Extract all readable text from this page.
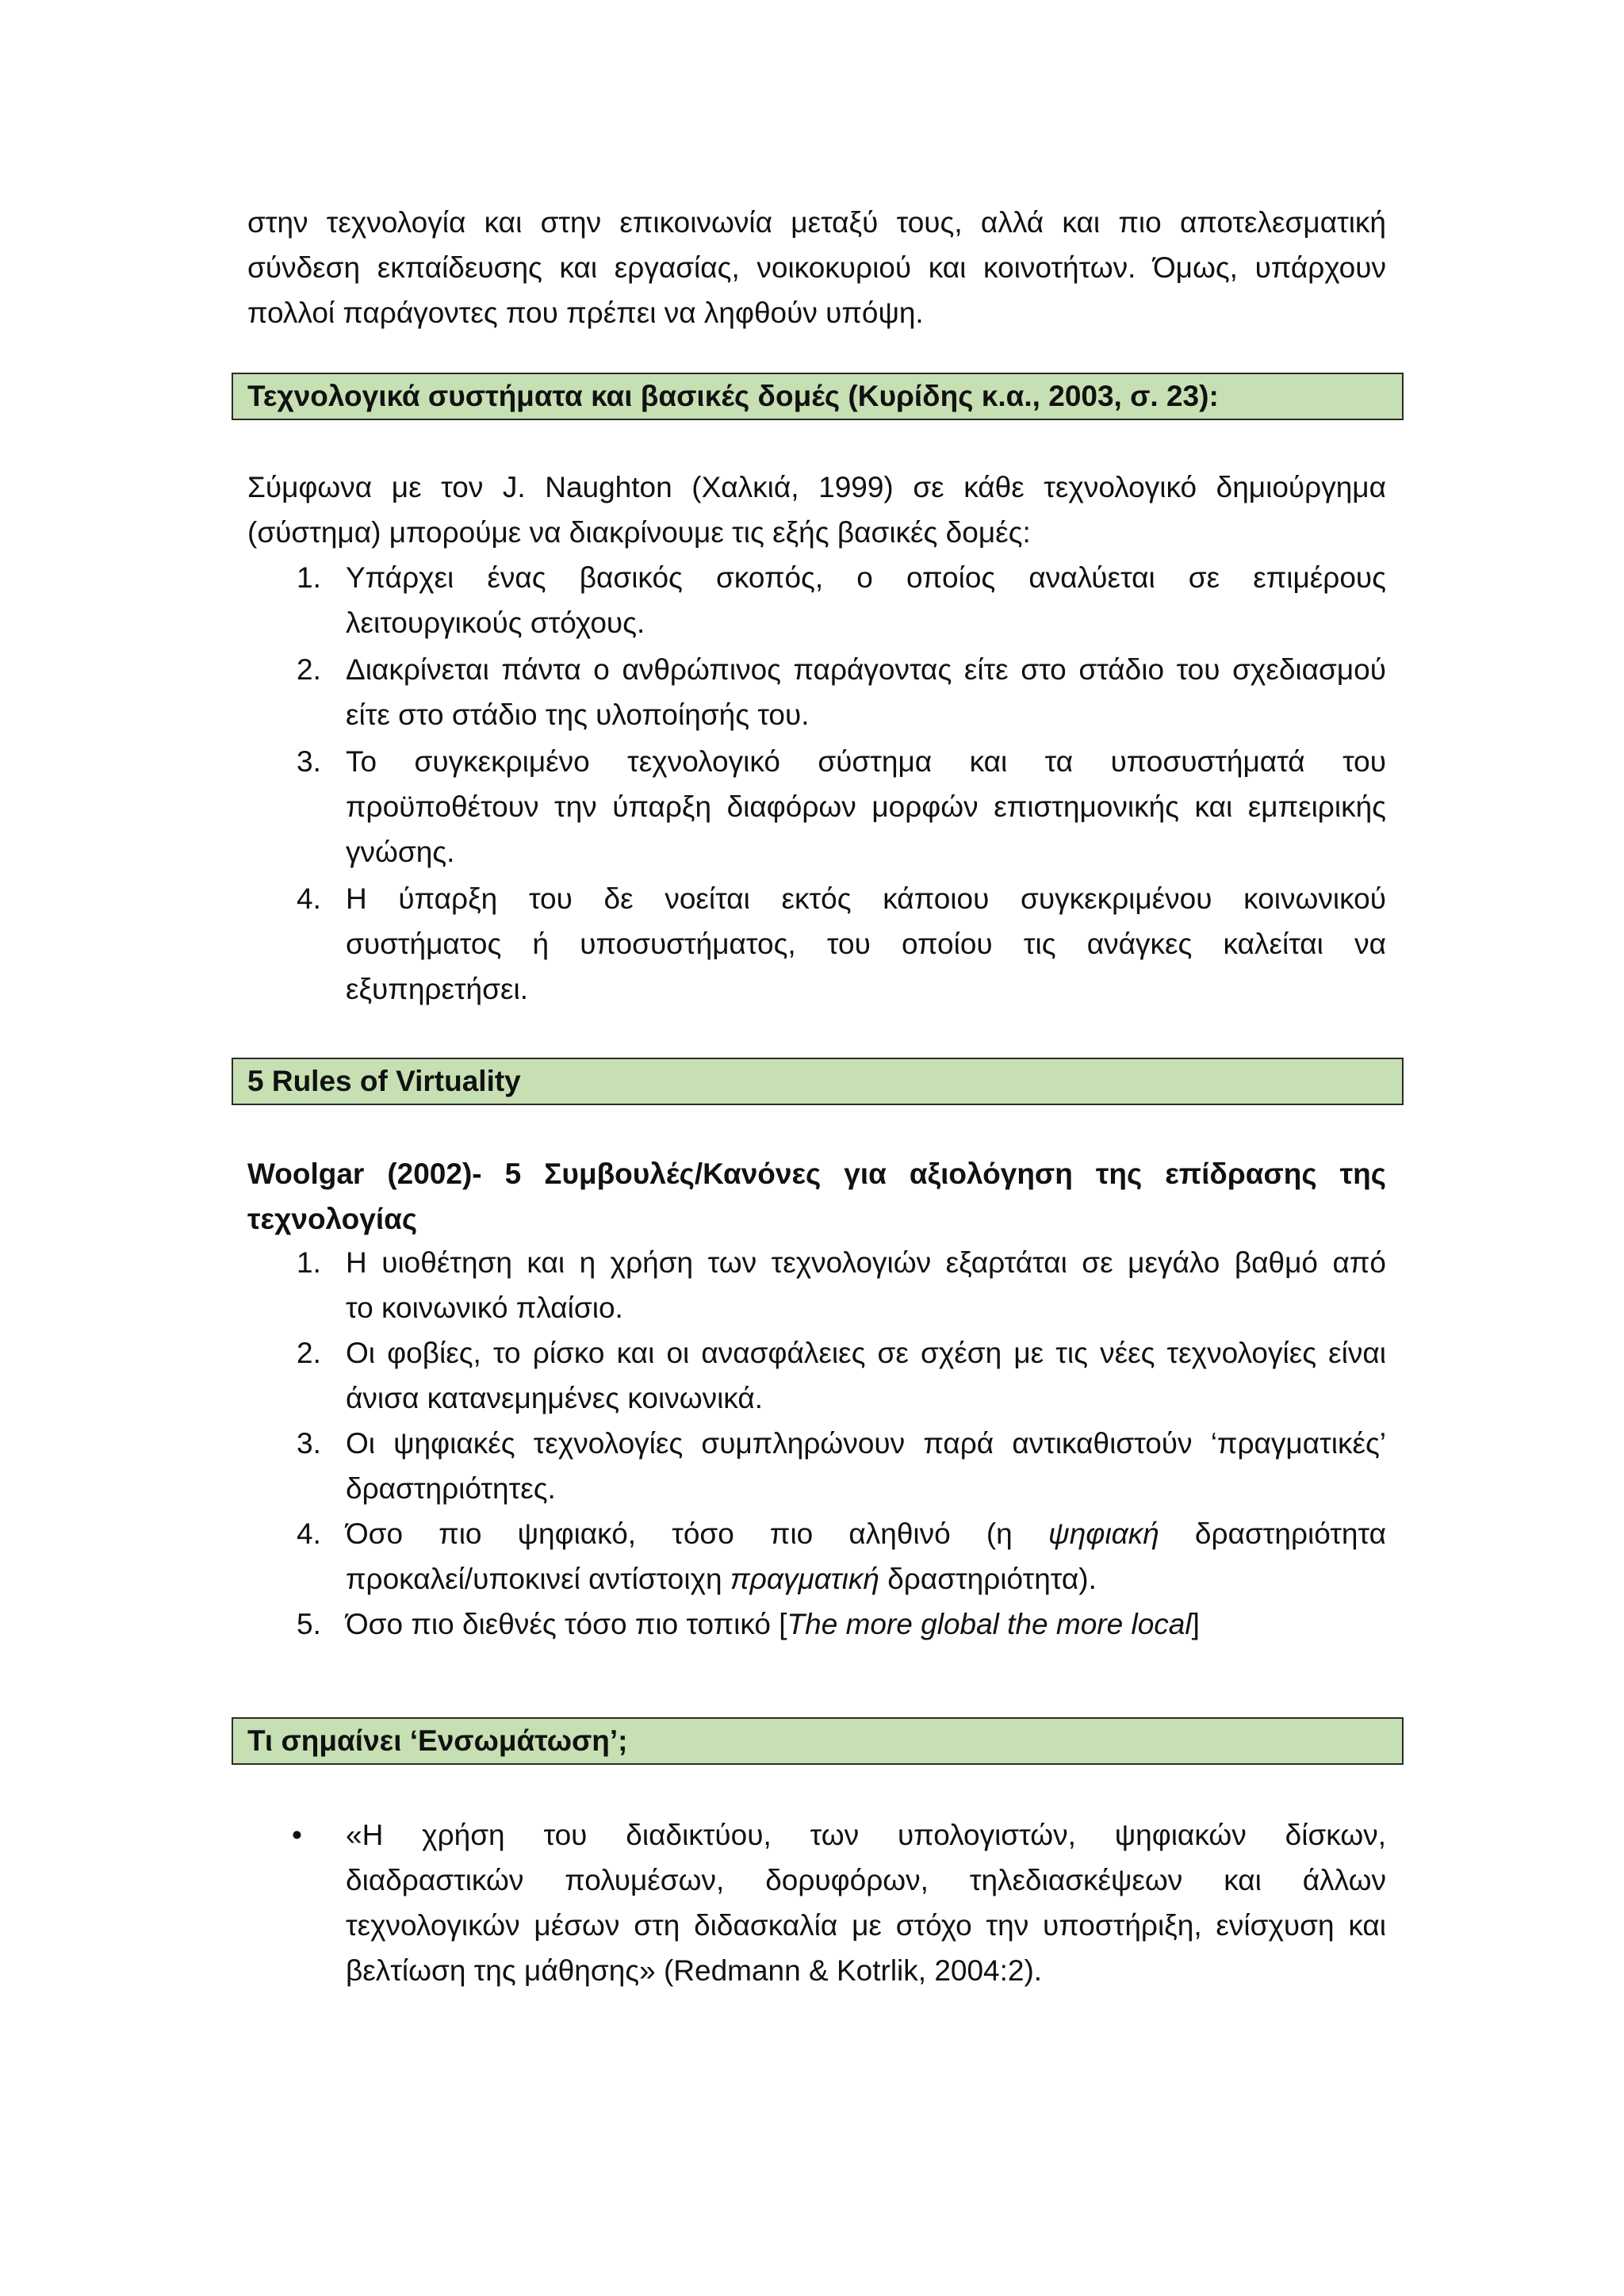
στην τεχνολογία και στην επικοινωνία μεταξύ τους, αλλά και πιο αποτελεσματική
σύνδεση εκπαίδευσης και εργασίας, νοικοκυριού και κοινοτήτων. Όμως, υπάρχουν
πολλοί παράγοντες που πρέπει να ληφθούν υπόψη.
Τεχνολογικά συστήματα και βασικές δομές (Κυρίδης κ.α., 2003, σ. 23):
Σύμφωνα με τον J. Naughton (Χαλκιά, 1999) σε κάθε τεχνολογικό δημιούργημα
(σύστημα) μπορούμε να διακρίνουμε τις εξής βασικές δομές:
1. Υπάρχει ένας βασικός σκοπός, ο οποίος αναλύεται σε επιμέρους
λειτουργικούς στόχους.
2. Διακρίνεται πάντα ο ανθρώπινος παράγοντας είτε στο στάδιο του σχεδιασμού
είτε στο στάδιο της υλοποίησής του.
3. Το συγκεκριμένο τεχνολογικό σύστημα και τα υποσυστήματά του
προϋποθέτουν την ύπαρξη διαφόρων μορφών επιστημονικής και εμπειρικής
γνώσης.
4. Η ύπαρξη του δε νοείται εκτός κάποιου συγκεκριμένου κοινωνικού
συστήματος ή υποσυστήματος, του οποίου τις ανάγκες καλείται να
εξυπηρετήσει.
5 Rules of Virtuality
Woolgar (2002)- 5 Συμβουλές/Κανόνες για αξιολόγηση της επίδρασης της
τεχνολογίας
1. Η υιοθέτηση και η χρήση των τεχνολογιών εξαρτάται σε μεγάλο βαθμό από
το κοινωνικό πλαίσιο.
2. Οι φοβίες, το ρίσκο και οι ανασφάλειες σε σχέση με τις νέες τεχνολογίες είναι
άνισα κατανεμημένες κοινωνικά.
3. Οι ψηφιακές τεχνολογίες συμπληρώνουν παρά αντικαθιστούν ‘πραγματικές’
δραστηριότητες.
4. Όσο πιο ψηφιακό, τόσο πιο αληθινό (η ψηφιακή δραστηριότητα
προκαλεί/υποκινεί αντίστοιχη πραγματική δραστηριότητα).
5. Όσο πιο διεθνές τόσο πιο τοπικό [The more global the more local]
Τι σημαίνει ‘Ενσωμάτωση’;
• «Η χρήση του διαδικτύου, των υπολογιστών, ψηφιακών δίσκων,
διαδραστικών πολυμέσων, δορυφόρων, τηλεδιασκέψεων και άλλων
τεχνολογικών μέσων στη διδασκαλία με στόχο την υποστήριξη, ενίσχυση και
βελτίωση της μάθησης» (Redmann & Kotrlik, 2004:2).
